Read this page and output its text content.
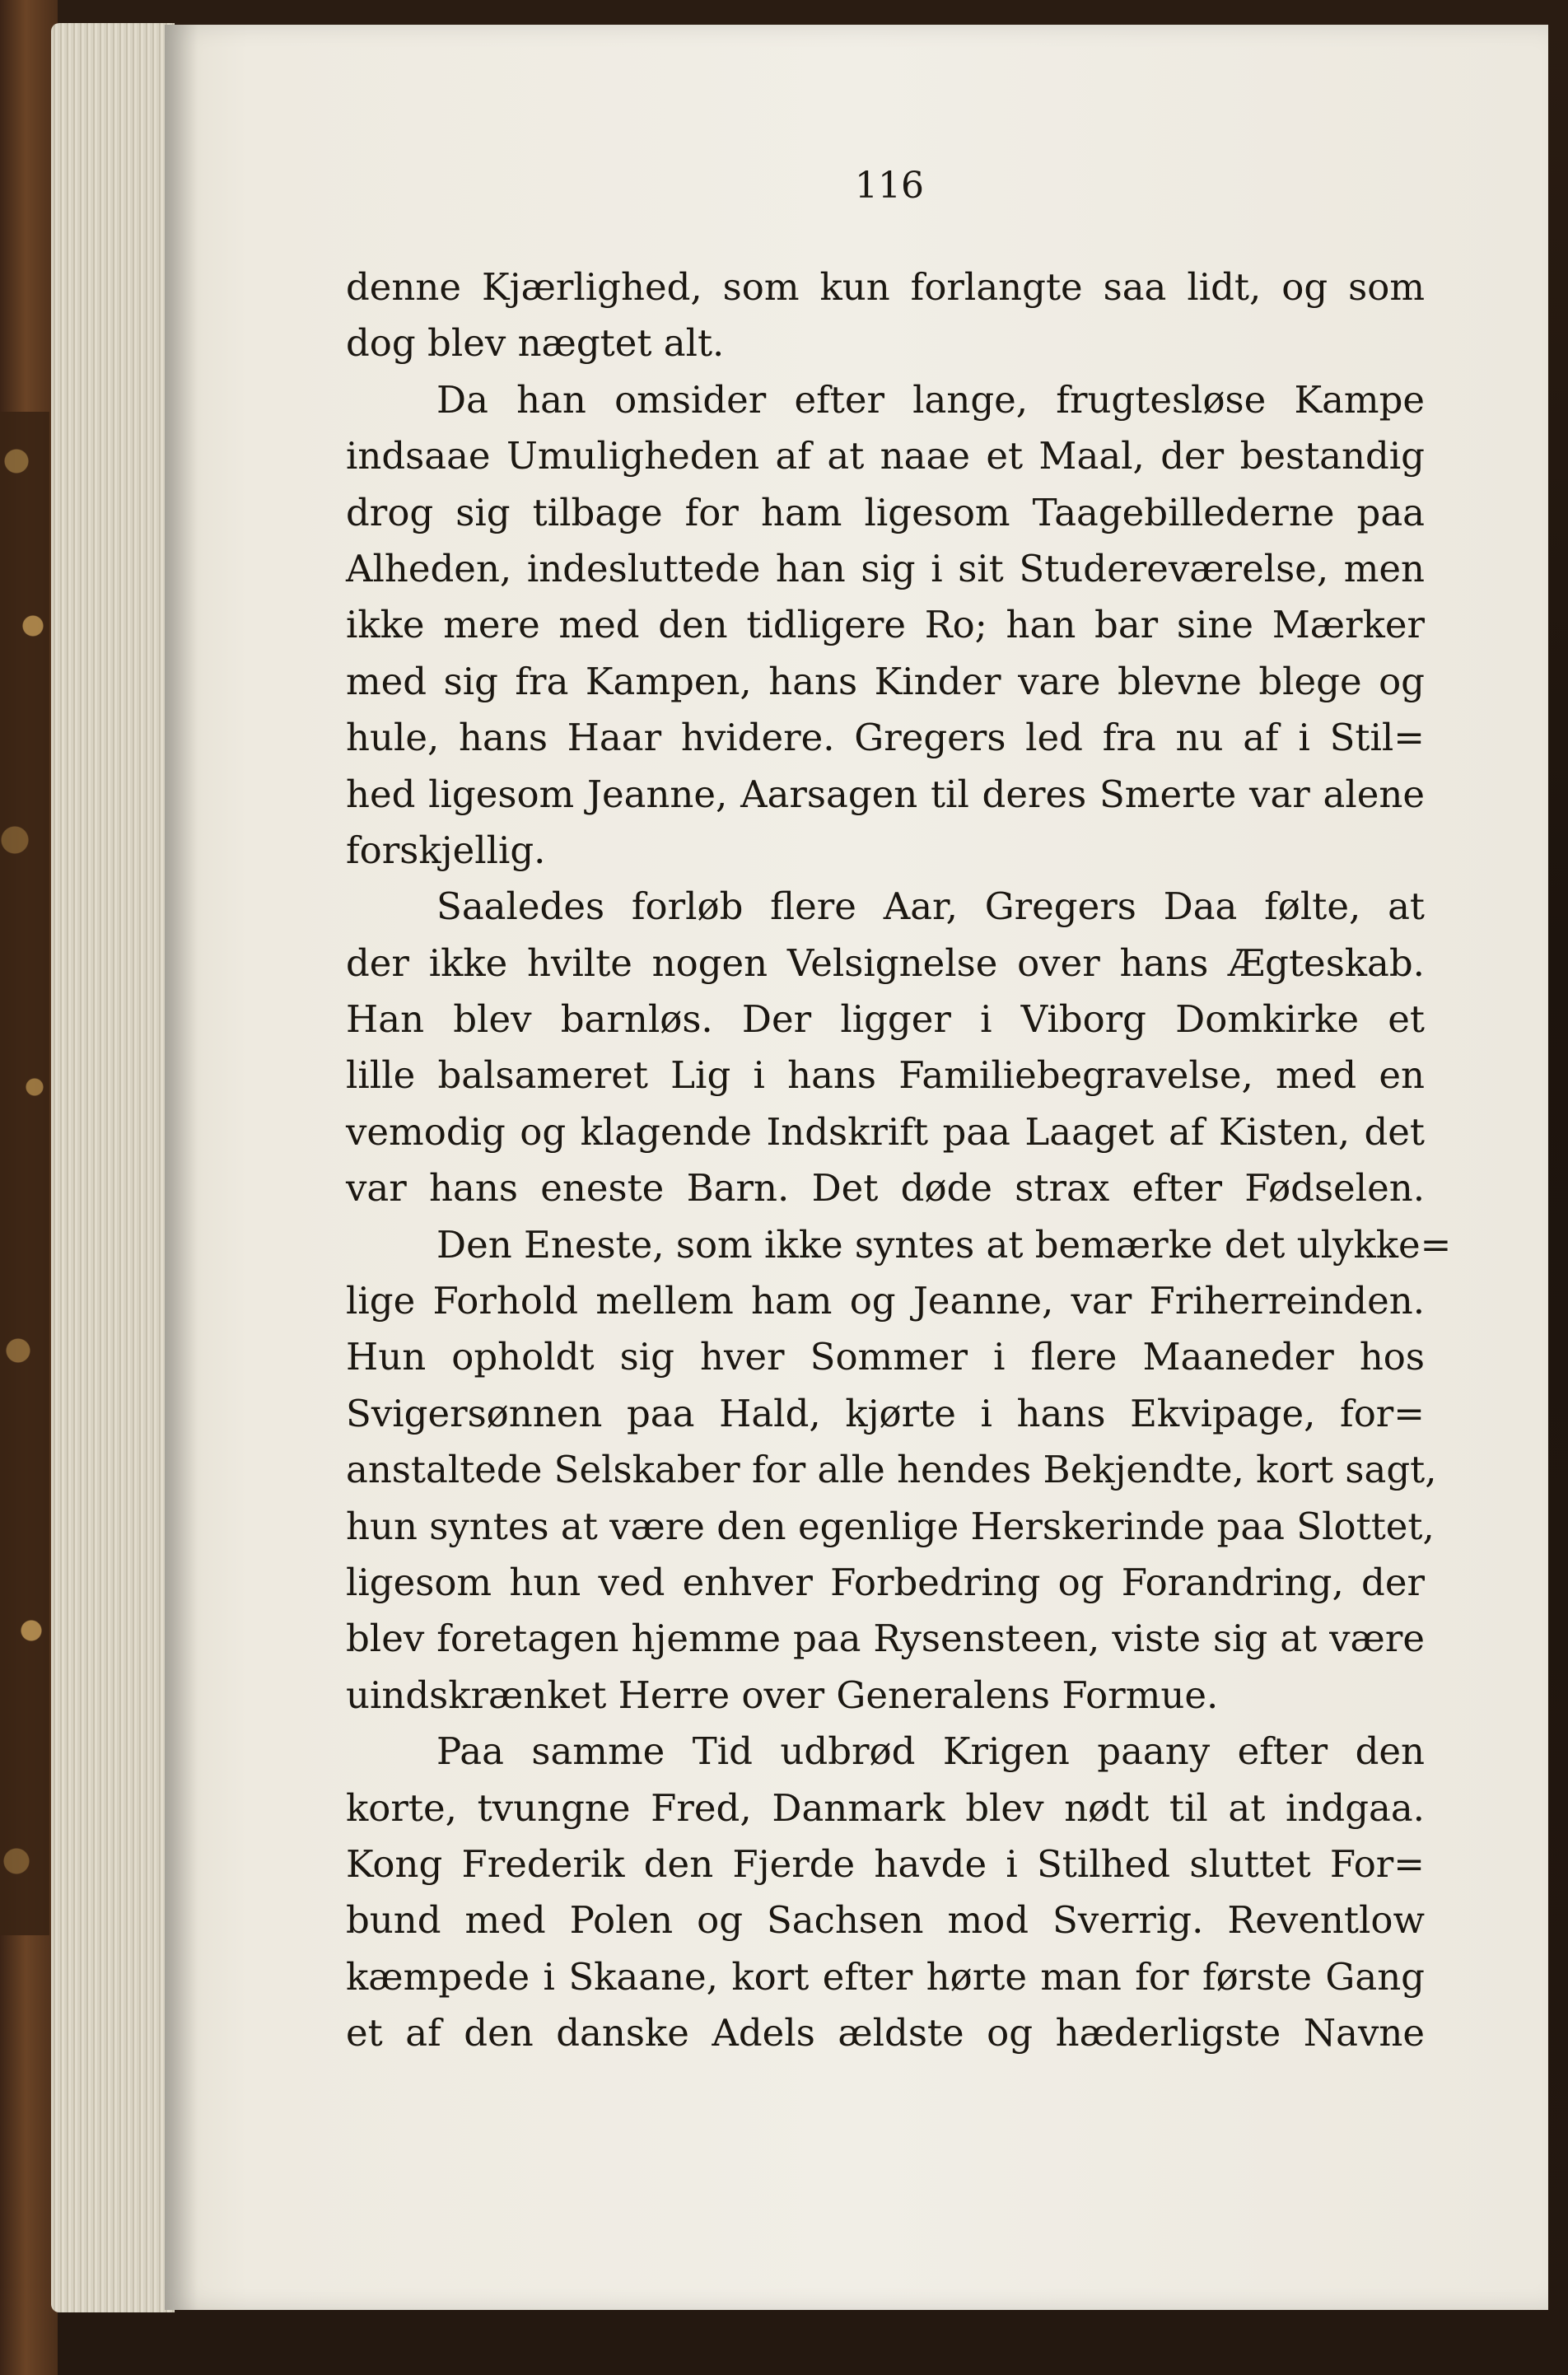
116
denne Kjærlighed, som kun forlangte saa lidt, og som
dog blev nægtet alt.
Da han omsider efter lange, frugtesløse Kampe
indsaae Umuligheden af at naae et Maal, der bestandig
drog sig tilbage for ham ligesom Taagebillederne paa
Alheden, indesluttede han sig i sit Studereværelse, men
ikke mere med den tidligere Ro; han bar sine Mærker
med sig fra Kampen, hans Kinder vare blevne blege og
hule, hans Haar hvidere. Gregers led fra nu af i Stil=
hed ligesom Jeanne, Aarsagen til deres Smerte var alene
forskjellig.
Saaledes forløb flere Aar, Gregers Daa følte, at
der ikke hvilte nogen Velsignelse over hans Ægteskab.
Han blev barnløs. Der ligger i Viborg Domkirke et
lille balsameret Lig i hans Familiebegravelse, med en
vemodig og klagende Indskrift paa Laaget af Kisten, det
var hans eneste Barn. Det døde strax efter Fødselen.
Den Eneste, som ikke syntes at bemærke det ulykke=
lige Forhold mellem ham og Jeanne, var Friherreinden.
Hun opholdt sig hver Sommer i flere Maaneder hos
Svigersønnen paa Hald, kjørte i hans Ekvipage, for=
anstaltede Selskaber for alle hendes Bekjendte, kort sagt,
hun syntes at være den egenlige Herskerinde paa Slottet,
ligesom hun ved enhver Forbedring og Forandring, der
blev foretagen hjemme paa Rysensteen, viste sig at være
uindskrænket Herre over Generalens Formue.
Paa samme Tid udbrød Krigen paany efter den
korte, tvungne Fred, Danmark blev nødt til at indgaa.
Kong Frederik den Fjerde havde i Stilhed sluttet For=
bund med Polen og Sachsen mod Sverrig. Reventlow
kæmpede i Skaane, kort efter hørte man for første Gang
et af den danske Adels ældste og hæderligste Navne
